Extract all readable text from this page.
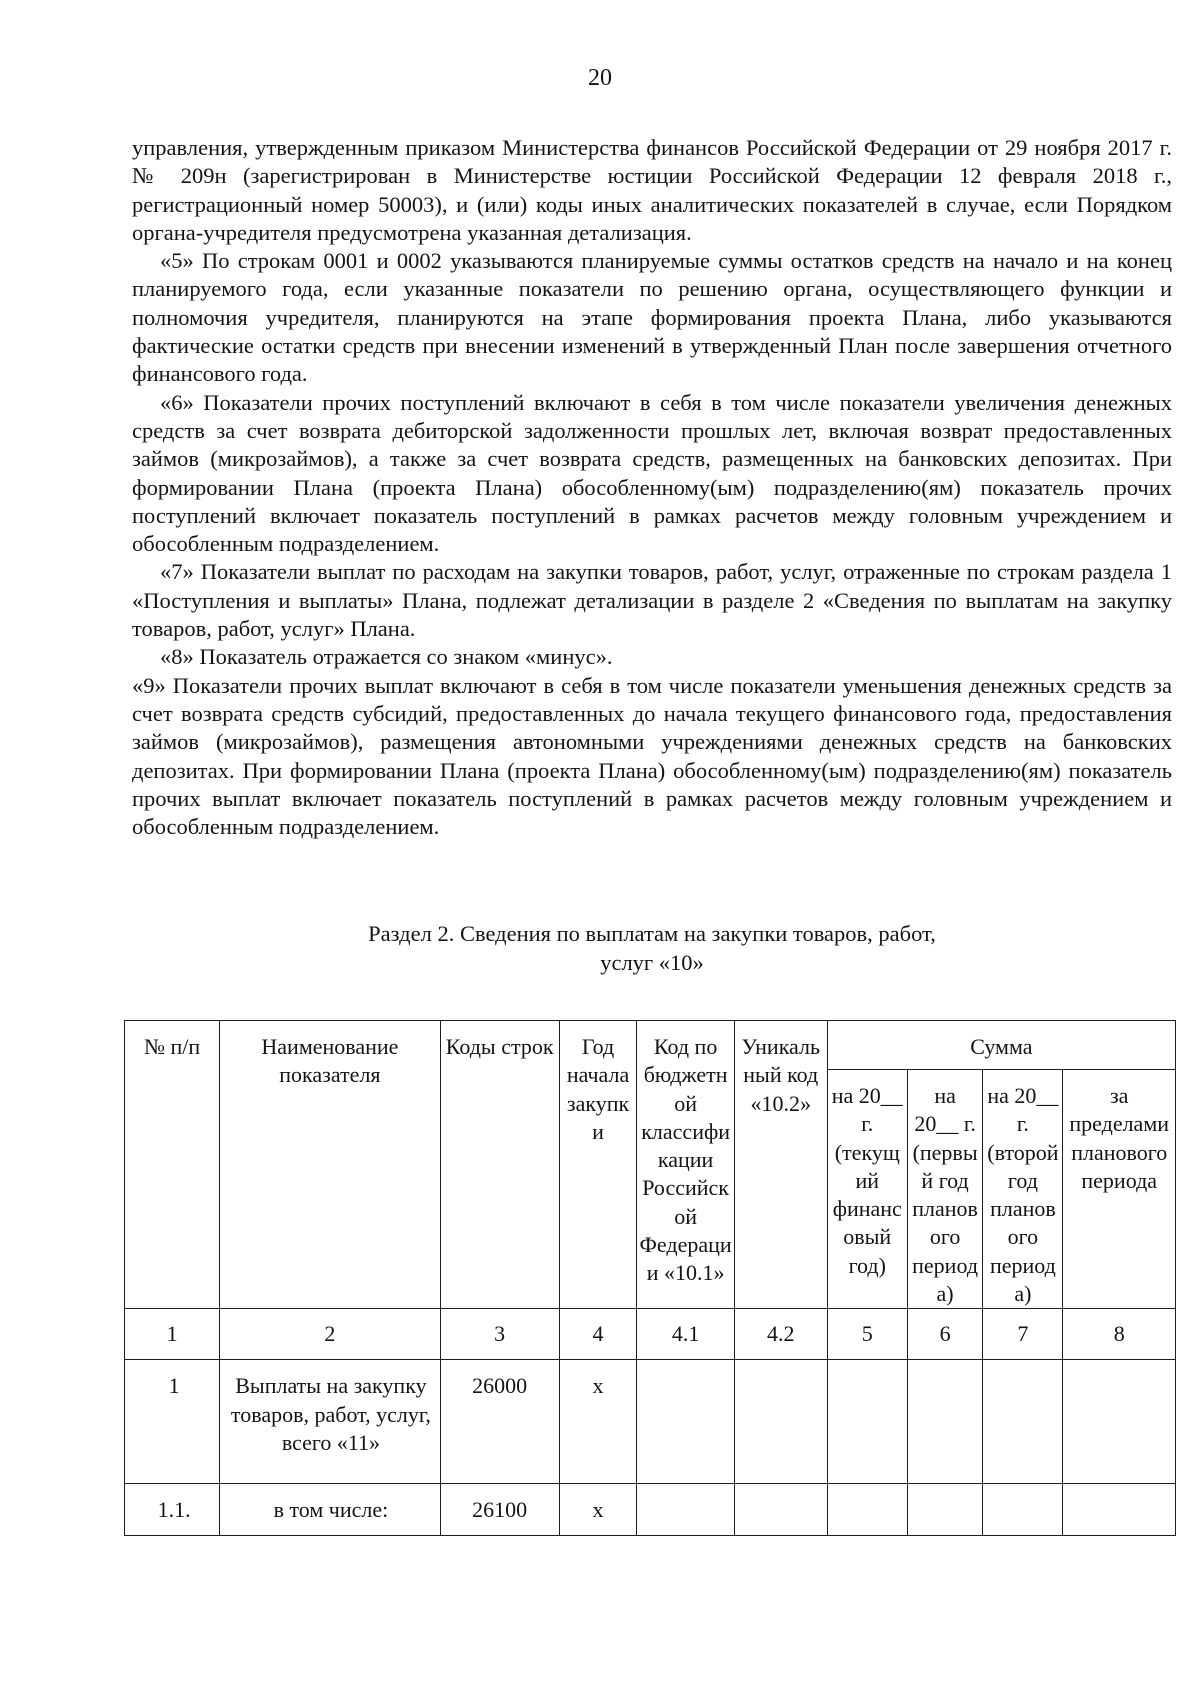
20

управления, утвержденным приказом Министерства финансов Российской Федерации от 29 ноября 2017 г. № 209н (зарегистрирован в Министерстве юстиции Российской Федерации 12 февраля 2018 г., регистрационный номер 50003), и (или) коды иных аналитических показателей в случае, если Порядком органа-учредителя предусмотрена указанная детализация.

«5» По строкам 0001 и 0002 указываются планируемые суммы остатков средств на начало и на конец планируемого года, если указанные показатели по решению органа, осуществляющего функции и полномочия учредителя, планируются на этапе формирования проекта Плана, либо указываются фактические остатки средств при внесении изменений в утвержденный План после завершения отчетного финансового года.

«6» Показатели прочих поступлений включают в себя в том числе показатели увеличения денежных средств за счет возврата дебиторской задолженности прошлых лет, включая возврат предоставленных займов (микрозаймов), а также за счет возврата средств, размещенных на банковских депозитах. При формировании Плана (проекта Плана) обособленному(ым) подразделению(ям) показатель прочих поступлений включает показатель поступлений в рамках расчетов между головным учреждением и обособленным подразделением.

«7» Показатели выплат по расходам на закупки товаров, работ, услуг, отраженные по строкам раздела 1 «Поступления и выплаты» Плана, подлежат детализации в разделе 2 «Сведения по выплатам на закупку товаров, работ, услуг» Плана.

«8» Показатель отражается со знаком «минус».

«9» Показатели прочих выплат включают в себя в том числе показатели уменьшения денежных средств за счет возврата средств субсидий, предоставленных до начала текущего финансового года, предоставления займов (микрозаймов), размещения автономными учреждениями денежных средств на банковских депозитах. При формировании Плана (проекта Плана) обособленному(ым) подразделению(ям) показатель прочих выплат включает показатель поступлений в рамках расчетов между головным учреждением и обособленным подразделением.

Раздел 2. Сведения по выплатам на закупки товаров, работ,
услуг «10»
№ п/п	Наименование показателя	Коды строк	Год начала закупки	Код по бюджетной классификации Российской Федерации «10.1»	Уникальный код «10.2»	Сумма			
						на 20__ г. (текущий финансовый год)	на 20__ г. (первый год планового периода)	на 20__ г. (второй год планового периода)	за пределами планового периода
1	2	3	4	4.1	4.2	5	6	7	8
1	Выплаты на закупку товаров, работ, услуг, всего «11»	26000	x						
1.1.	в том числе:	26100	x						
